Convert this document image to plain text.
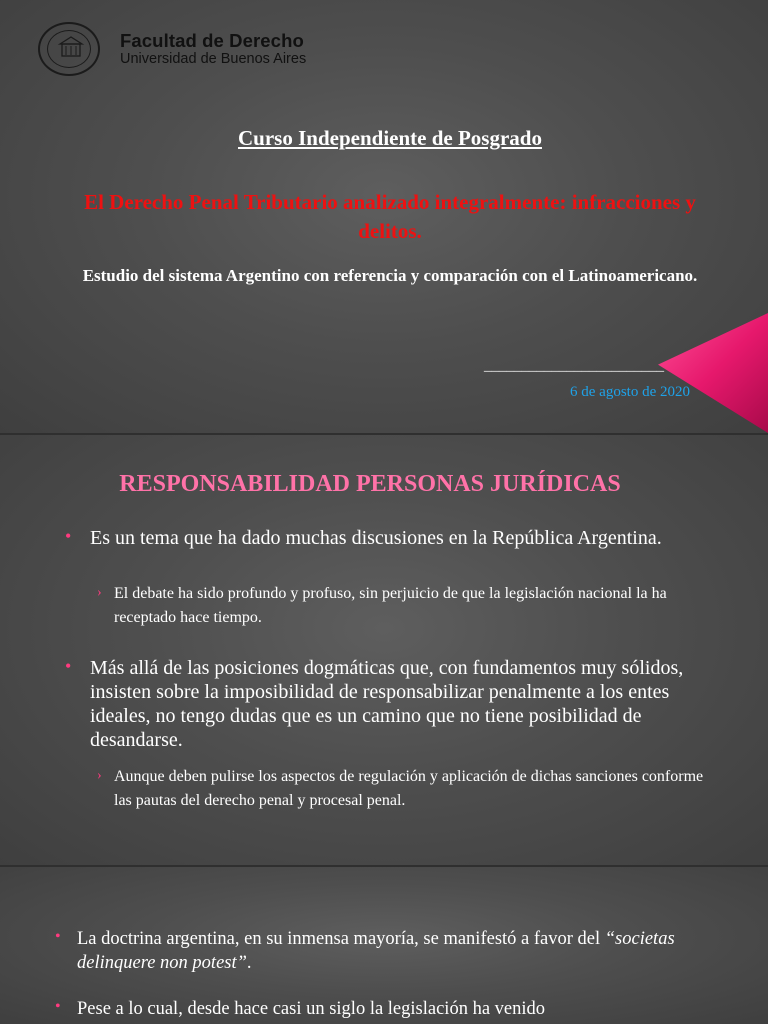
Facultad de Derecho
Universidad de Buenos Aires
Curso Independiente de Posgrado
El Derecho Penal Tributario analizado integralmente: infracciones y delitos.
Estudio del sistema Argentino con referencia y comparación con el Latinoamericano.
________________________
6 de agosto de 2020
RESPONSABILIDAD PERSONAS JURÍDICAS
• Es un tema que ha dado muchas discusiones en la República Argentina.
› El debate ha sido profundo y profuso, sin perjuicio de que la legislación nacional la ha receptado hace tiempo.
• Más allá de las posiciones dogmáticas que, con fundamentos muy sólidos, insisten sobre la imposibilidad de responsabilizar penalmente a los entes ideales, no tengo dudas que es un camino que no tiene posibilidad de desandarse.
› Aunque deben pulirse los aspectos de regulación y aplicación de dichas sanciones conforme las pautas del derecho penal y procesal penal.
• La doctrina argentina, en su inmensa mayoría, se manifestó a favor del “societas delinquere non potest”.
• Pese a lo cual, desde hace casi un siglo la legislación ha venido
